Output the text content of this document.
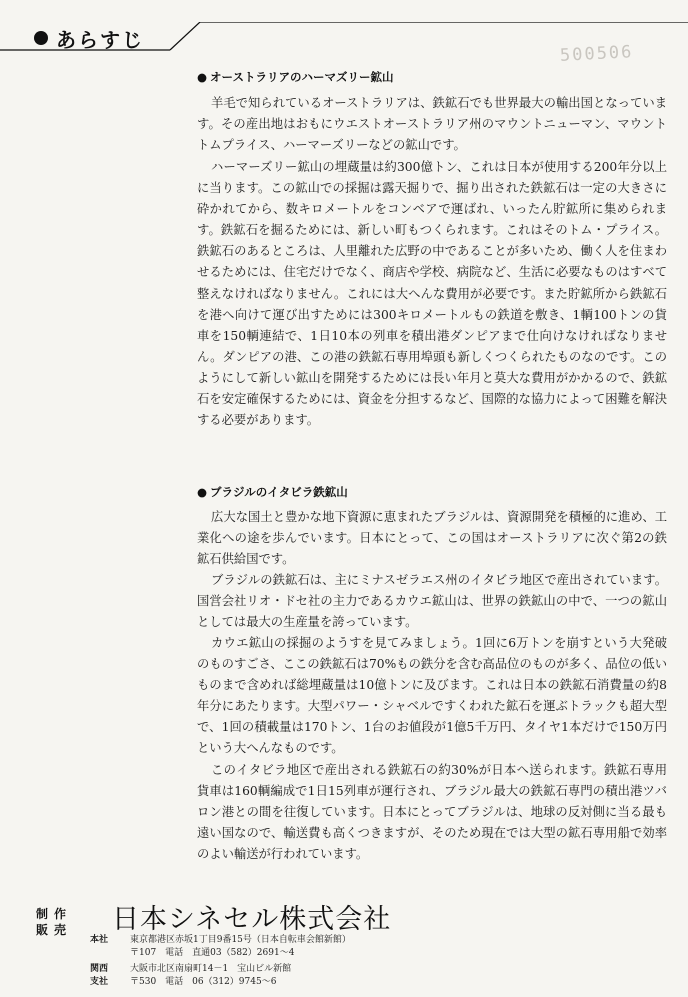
あらすじ
500506
● オーストラリアのハーマズリー鉱山

羊毛で知られているオーストラリアは、鉄鉱石でも世界最大の輸出国となっています。その産出地はおもにウエストオーストラリア州のマウントニューマン、マウントトムプライス、ハーマーズリーなどの鉱山です。

ハーマーズリー鉱山の埋蔵量は約300億トン、これは日本が使用する200年分以上に当ります。この鉱山での採掘は露天掘りで、掘り出された鉄鉱石は一定の大きさに砕かれてから、数キロメートルをコンベアで運ばれ、いったん貯鉱所に集められます。鉄鉱石を掘るためには、新しい町もつくられます。これはそのトム・プライス。鉄鉱石のあるところは、人里離れた広野の中であることが多いため、働く人を住まわせるためには、住宅だけでなく、商店や学校、病院など、生活に必要なものはすべて整えなければなりません。これには大へんな費用が必要です。また貯鉱所から鉄鉱石を港へ向けて運び出すためには300キロメートルもの鉄道を敷き、1輌100トンの貨車を150輌連結で、1日10本の列車を積出港ダンピアまで仕向けなければなりません。ダンピアの港、この港の鉄鉱石専用埠頭も新しくつくられたものなのです。このようにして新しい鉱山を開発するためには長い年月と莫大な費用がかかるので、鉄鉱石を安定確保するためには、資金を分担するなど、国際的な協力によって困難を解決する必要があります。

● ブラジルのイタビラ鉄鉱山

広大な国土と豊かな地下資源に恵まれたブラジルは、資源開発を積極的に進め、工業化への途を歩んでいます。日本にとって、この国はオーストラリアに次ぐ第2の鉄鉱石供給国です。

ブラジルの鉄鉱石は、主にミナスゼラエス州のイタビラ地区で産出されています。国営会社リオ・ドセ社の主力であるカウエ鉱山は、世界の鉄鉱山の中で、一つの鉱山としては最大の生産量を誇っています。

カウエ鉱山の採掘のようすを見てみましょう。1回に6万トンを崩すという大発破のものすごさ、ここの鉄鉱石は70%もの鉄分を含む高品位のものが多く、品位の低いものまで含めれば総埋蔵量は10億トンに及びます。これは日本の鉄鉱石消費量の約8年分にあたります。大型パワー・シャベルですくわれた鉱石を運ぶトラックも超大型で、1回の積載量は170トン、1台のお値段が1億5千万円、タイヤ1本だけで150万円という大へんなものです。

このイタビラ地区で産出される鉄鉱石の約30%が日本へ送られます。鉄鉱石専用貨車は160輌編成で1日15列車が運行され、ブラジル最大の鉄鉱石専門の積出港ツバロン港との間を往復しています。日本にとってブラジルは、地球の反対側に当る最も遠い国なので、輸送費も高くつきますが、そのため現在では大型の鉱石専用船で効率のよい輸送が行われています。

制作
販売 日本シネセル株式会社
本社	東京都港区赤坂1丁目9番15号（日本自転車会館新館）
〒107　電話　直通03（582）2691～4
関西
支社
大阪市北区南扇町14－1　宝山ビル新館
〒530　電話　06（312）9745～6
